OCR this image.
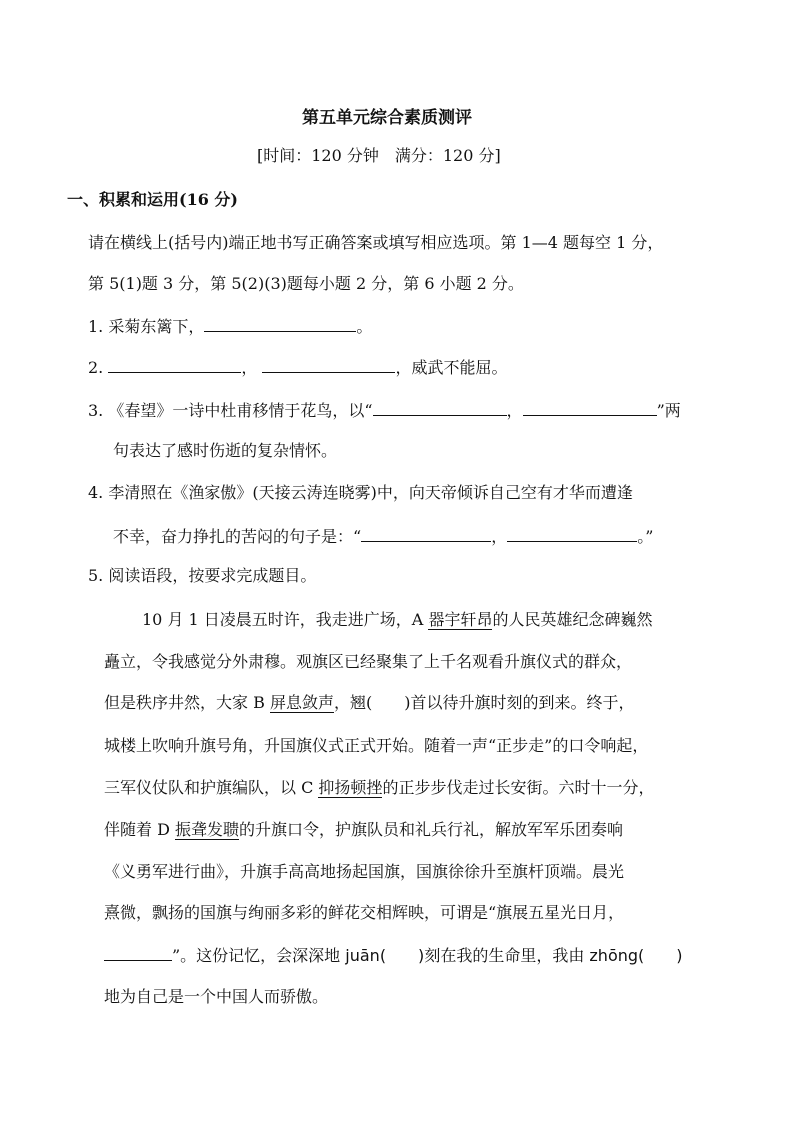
第五单元综合素质测评
[时间：120 分钟　满分：120 分]
一、积累和运用(16 分)
请在横线上(括号内)端正地书写正确答案或填写相应选项。第 1—4 题每空 1 分，
第 5(1)题 3 分，第 5(2)(3)题每小题 2 分，第 6 小题 2 分。
1. 采菊东篱下，	。
2.	，	，威武不能屈。
3. 《春望》一诗中杜甫移情于花鸟，以“	，	”两
句表达了感时伤逝的复杂情怀。
4. 李清照在《渔家傲》(天接云涛连晓雾)中，向天帝倾诉自己空有才华而遭逢
不幸，奋力挣扎的苦闷的句子是：“	，	。”
5. 阅读语段，按要求完成题目。
10 月 1 日凌晨五时许，我走进广场，A 器宇轩昂的人民英雄纪念碑巍然
矗立，令我感觉分外肃穆。观旗区已经聚集了上千名观看升旗仪式的群众，
但是秩序井然，大家 B 屏息敛声，翘(　　)首以待升旗时刻的到来。终于，
城楼上吹响升旗号角，升国旗仪式正式开始。随着一声“正步走”的口令响起，
三军仪仗队和护旗编队，以 C 抑扬顿挫的正步步伐走过长安街。六时十一分，
伴随着 D 振聋发聩的升旗口令，护旗队员和礼兵行礼，解放军军乐团奏响
《义勇军进行曲》，升旗手高高地扬起国旗，国旗徐徐升至旗杆顶端。晨光
熹微，飘扬的国旗与绚丽多彩的鲜花交相辉映，可谓是“旗展五星光日月，
”。这份记忆，会深深地 juān(　　)刻在我的生命里，我由 zhōng(　　)
地为自己是一个中国人而骄傲。
